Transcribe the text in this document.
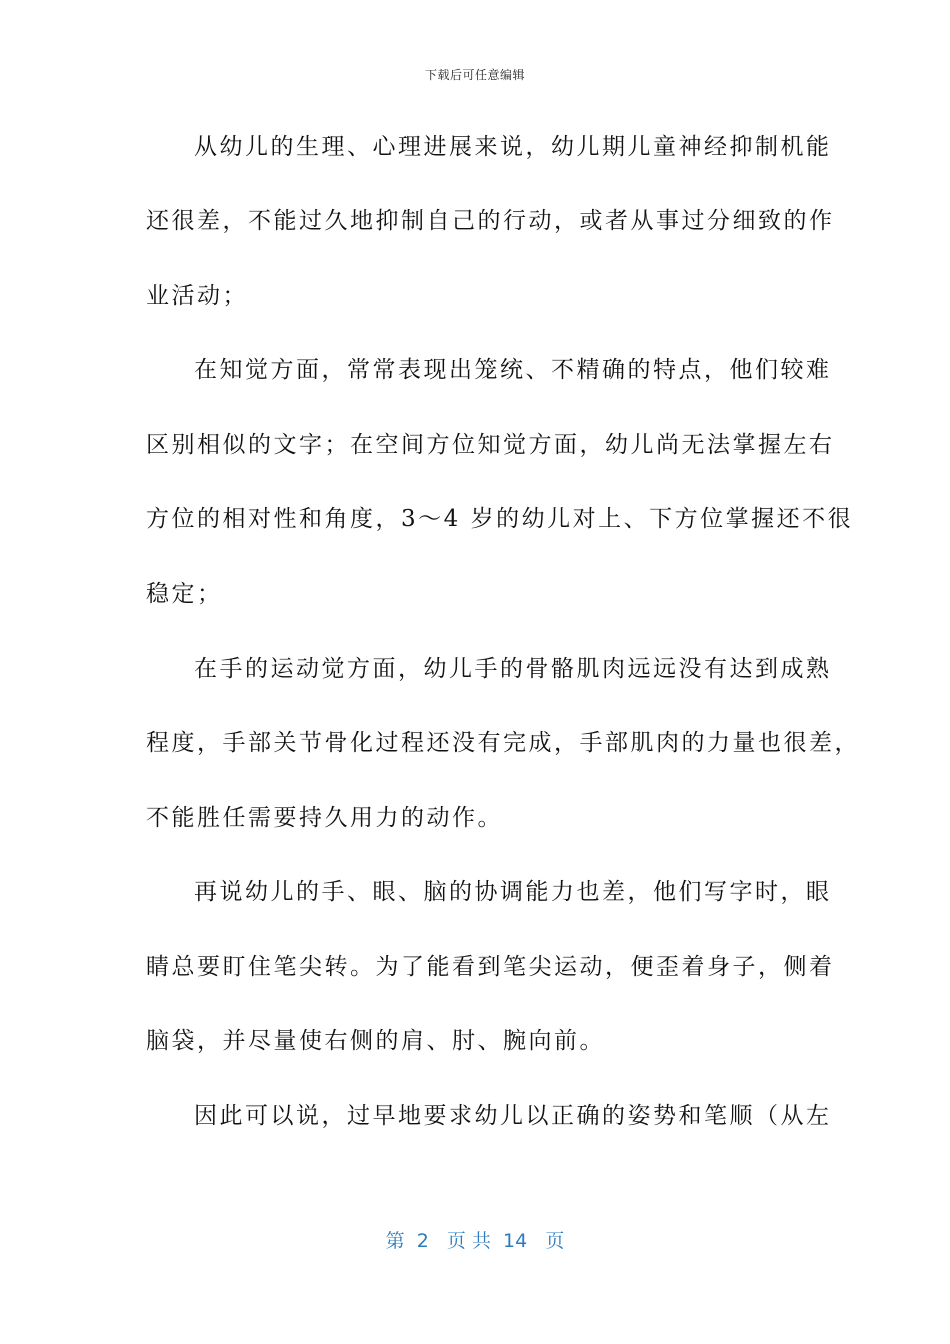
下载后可任意编辑
从幼儿的生理、心理进展来说，幼儿期儿童神经抑制机能
还很差，不能过久地抑制自己的行动，或者从事过分细致的作
业活动；
在知觉方面，常常表现出笼统、不精确的特点，他们较难
区别相似的文字；在空间方位知觉方面，幼儿尚无法掌握左右
方位的相对性和角度，3～4 岁的幼儿对上、下方位掌握还不很
稳定；
在手的运动觉方面，幼儿手的骨骼肌肉远远没有达到成熟
程度，手部关节骨化过程还没有完成，手部肌肉的力量也很差，
不能胜任需要持久用力的动作。
再说幼儿的手、眼、脑的协调能力也差，他们写字时，眼
睛总要盯住笔尖转。为了能看到笔尖运动，便歪着身子，侧着
脑袋，并尽量使右侧的肩、肘、腕向前。
因此可以说，过早地要求幼儿以正确的姿势和笔顺（从左
第  2   页 共  14   页
